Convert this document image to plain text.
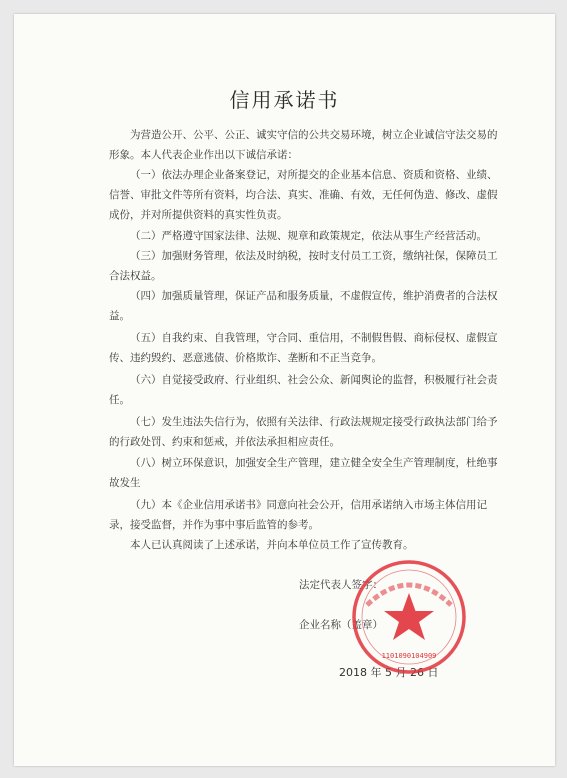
信用承诺书

为营造公开、公平、公正、诚实守信的公共交易环境，树立企业诚信守法交易的形象。本人代表企业作出以下诚信承诺：

（一）依法办理企业备案登记，对所提交的企业基本信息、资质和资格、业绩、信誉、审批文件等所有资料，均合法、真实、准确、有效，无任何伪造、修改、虚假成份，并对所提供资料的真实性负责。

（二）严格遵守国家法律、法规、规章和政策规定，依法从事生产经营活动。

（三）加强财务管理，依法及时纳税，按时支付员工工资，缴纳社保，保障员工合法权益。

（四）加强质量管理，保证产品和服务质量，不虚假宣传，维护消费者的合法权益。

（五）自我约束、自我管理，守合同、重信用，不制假售假、商标侵权、虚假宣传、违约毁约、恶意逃债、价格欺诈、垄断和不正当竞争。

（六）自觉接受政府、行业组织、社会公众、新闻舆论的监督，积极履行社会责任。

（七）发生违法失信行为，依照有关法律、行政法规规定接受行政执法部门给予的行政处罚、约束和惩戒，并依法承担相应责任。

（八）树立环保意识，加强安全生产管理，建立健全安全生产管理制度，杜绝事故发生

（九）本《企业信用承诺书》同意向社会公开，信用承诺纳入市场主体信用记录，接受监督，并作为事中事后监管的参考。

本人已认真阅读了上述承诺，并向本单位员工作了宣传教育。

法定代表人签字：
企业名称（盖章）
2018 年 5 月 26 日
1101090104909
